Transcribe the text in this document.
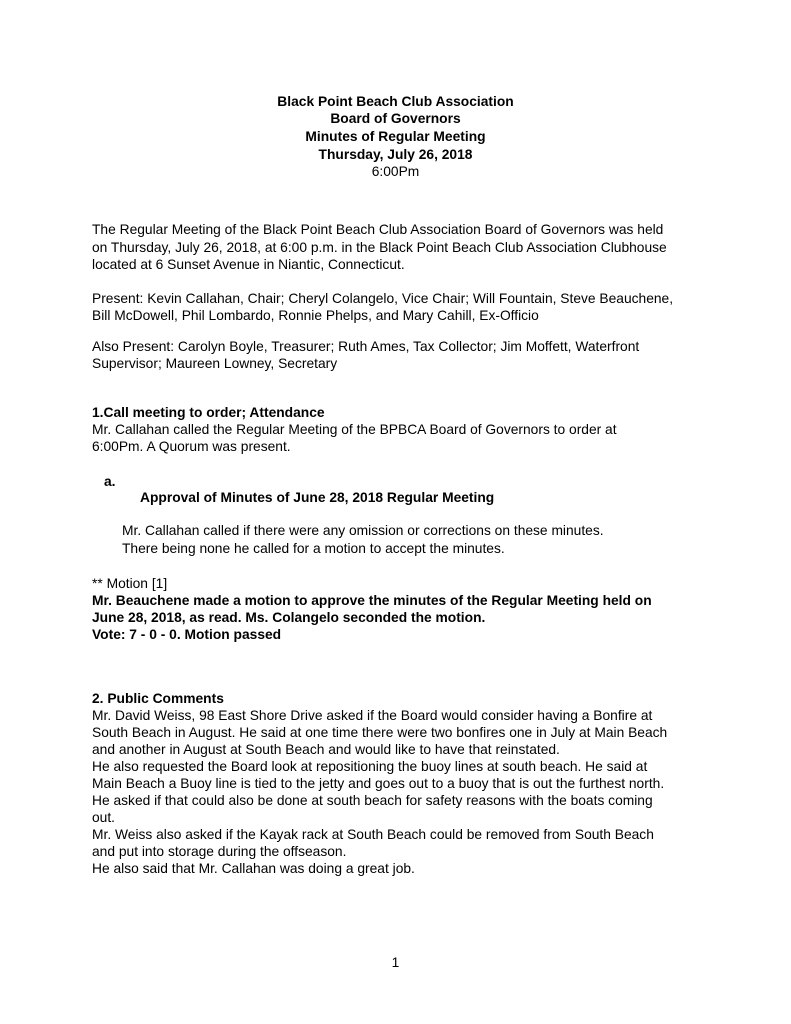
Black Point Beach Club Association
Board of Governors
Minutes of Regular Meeting
Thursday, July 26, 2018
6:00Pm
The Regular Meeting of the Black Point Beach Club Association Board of Governors was held
on Thursday, July 26, 2018, at 6:00 p.m. in the Black Point Beach Club Association Clubhouse
located at 6 Sunset Avenue in Niantic, Connecticut.
Present: Kevin Callahan, Chair; Cheryl Colangelo, Vice Chair; Will Fountain, Steve Beauchene,
Bill McDowell, Phil Lombardo, Ronnie Phelps, and Mary Cahill, Ex-Officio
Also Present: Carolyn Boyle, Treasurer; Ruth Ames, Tax Collector; Jim Moffett, Waterfront
Supervisor; Maureen Lowney, Secretary
1.Call meeting to order; Attendance
Mr. Callahan called the Regular Meeting of the BPBCA Board of Governors to order at
6:00Pm. A Quorum was present.
a.
Approval of Minutes of June 28, 2018 Regular Meeting
Mr. Callahan called if there were any omission or corrections on these minutes.
There being none he called for a motion to accept the minutes.
** Motion [1]
Mr. Beauchene made a motion to approve the minutes of the Regular Meeting held on
June 28, 2018, as read. Ms. Colangelo seconded the motion.
Vote: 7 - 0 - 0. Motion passed
2. Public Comments
Mr. David Weiss, 98 East Shore Drive asked if the Board would consider having a Bonfire at
South Beach in August. He said at one time there were two bonfires one in July at Main Beach
and another in August at South Beach and would like to have that reinstated.
He also requested the Board look at repositioning the buoy lines at south beach. He said at
Main Beach a Buoy line is tied to the jetty and goes out to a buoy that is out the furthest north.
He asked if that could also be done at south beach for safety reasons with the boats coming
out.
Mr. Weiss also asked if the Kayak rack at South Beach could be removed from South Beach
and put into storage during the offseason.
He also said that Mr. Callahan was doing a great job.
1
